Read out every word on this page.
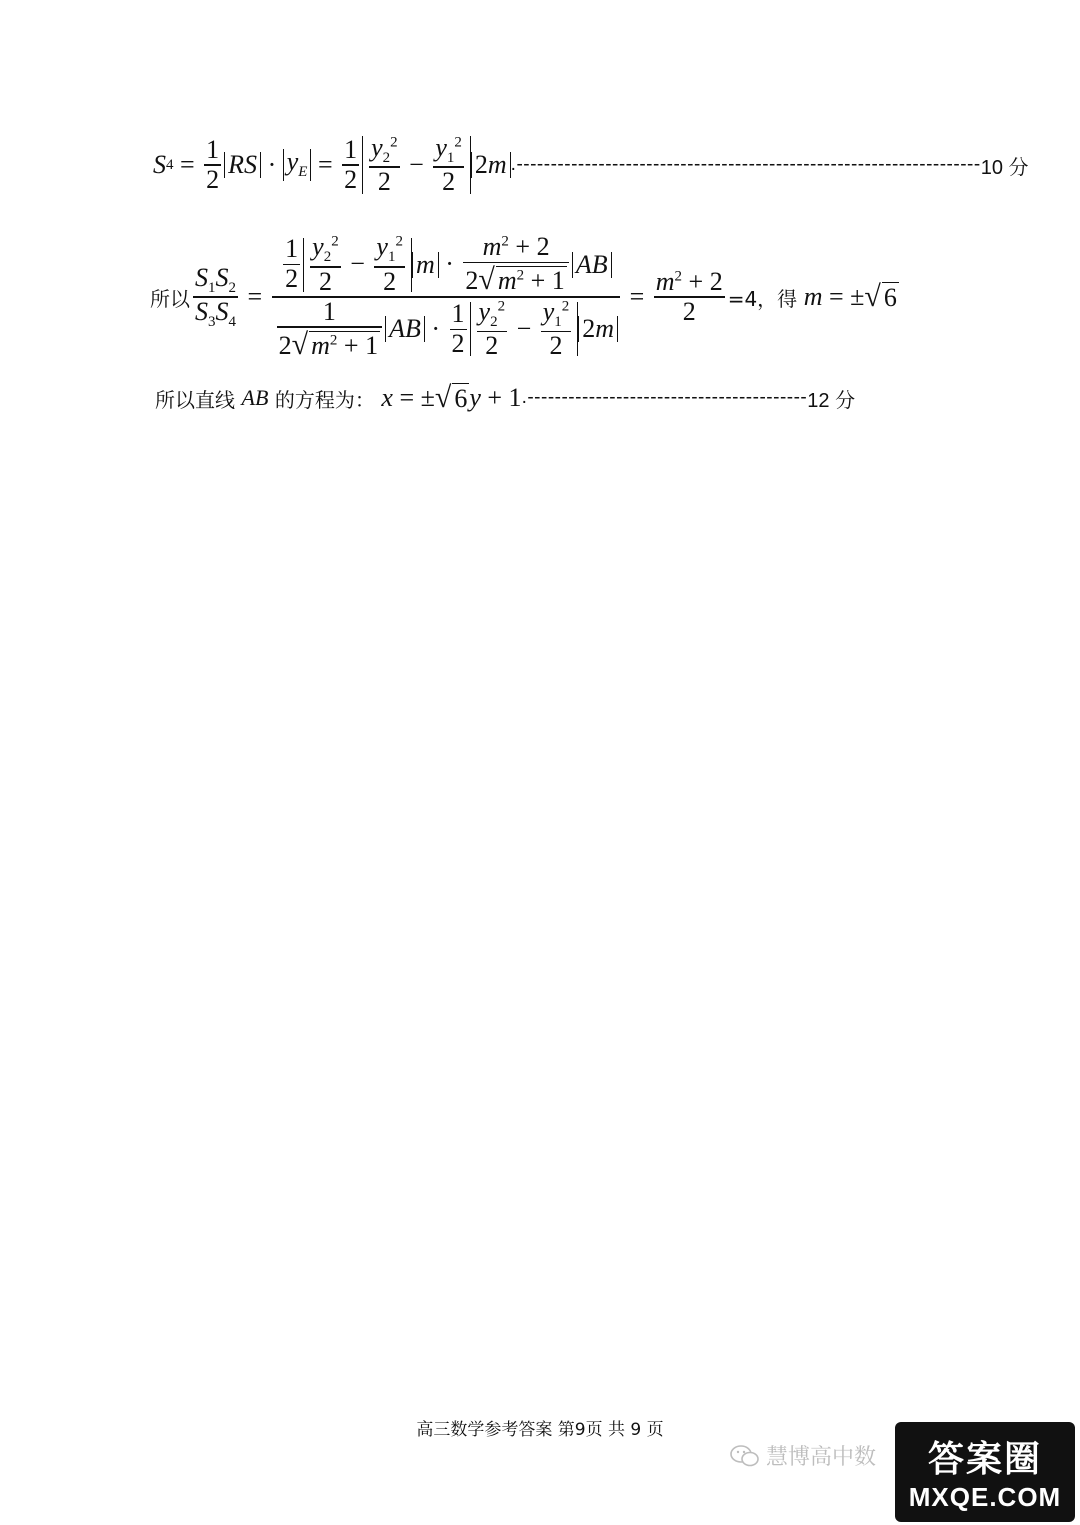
S $4 = \frac{1}{2}$ RS · $y_E = \frac{1}{2} \frac{y_2^2}{2} - \frac{y_1^2}{2} 2m$ .-------------------------------------------------------------------- 10 分
所以 $\frac{S_1S_2}{S_3S_4}$ =
$\frac{1}{2} \frac{y_2^2}{2} - \frac{y_1^2}{2}$ $m \cdot \frac{m^2 + 2}{2√ m^2 + 1}$ AB
$\frac{1}{2√ m^2 + 1}$ AB · $\frac{1}{2} \frac{y_2^2}{2} - \frac{y_1^2}{2} 2m$
= $\frac{m^2 + 2}{2} =4$，得
m = ± √ 6
所以直线
AB
的方程为：
x = ± √ 6 y + 1 .----------------------------------------- 12 分
高三数学参考答案 第9页 共 9 页
慧博高中数 答案圈
MXQE.COM
